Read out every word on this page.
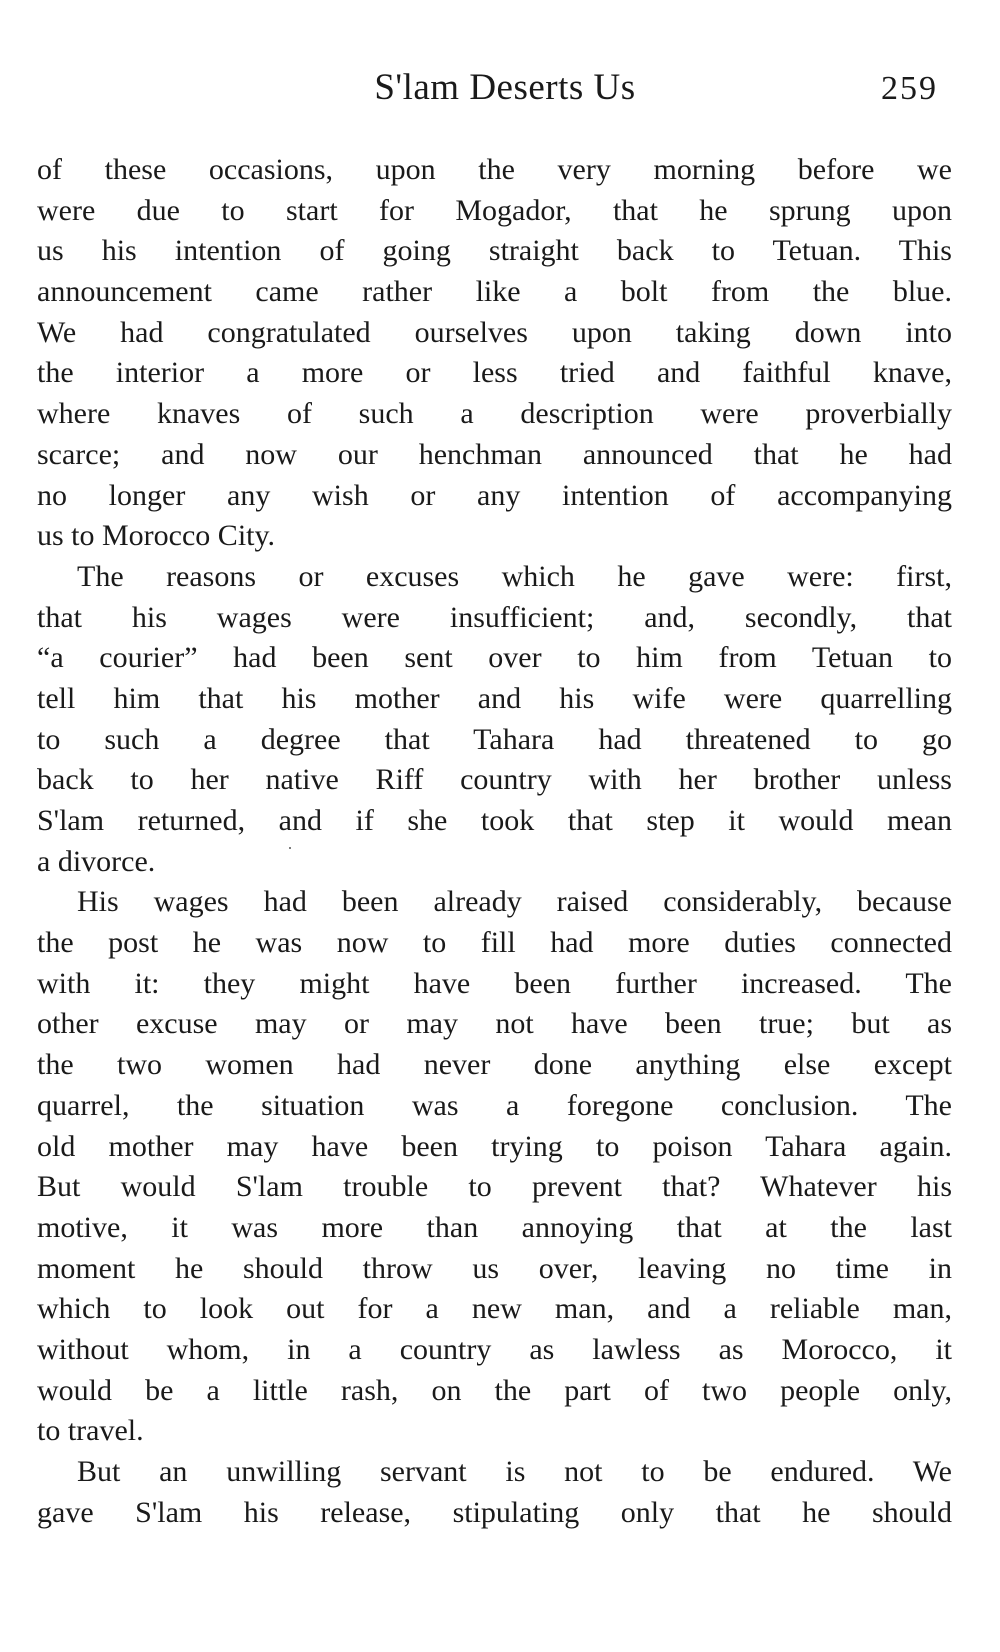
S'lam Deserts Us	259
of these occasions, upon the very morning before we
were due to start for Mogador, that he sprung upon
us his intention of going straight back to Tetuan. This
announcement came rather like a bolt from the blue.
We had congratulated ourselves upon taking down into
the interior a more or less tried and faithful knave,
where knaves of such a description were proverbially
scarce; and now our henchman announced that he had
no longer any wish or any intention of accompanying
us to Morocco City.
The reasons or excuses which he gave were: first,
that his wages were insufficient; and, secondly, that
“a courier” had been sent over to him from Tetuan to
tell him that his mother and his wife were quarrelling
to such a degree that Tahara had threatened to go
back to her native Riff country with her brother unless
S'lam returned, and if she took that step it would mean
a divorce.
His wages had been already raised considerably, because
the post he was now to fill had more duties connected
with it: they might have been further increased. The
other excuse may or may not have been true; but as
the two women had never done anything else except
quarrel, the situation was a foregone conclusion. The
old mother may have been trying to poison Tahara again.
But would S'lam trouble to prevent that? Whatever his
motive, it was more than annoying that at the last
moment he should throw us over, leaving no time in
which to look out for a new man, and a reliable man,
without whom, in a country as lawless as Morocco, it
would be a little rash, on the part of two people only,
to travel.
But an unwilling servant is not to be endured. We
gave S'lam his release, stipulating only that he should
